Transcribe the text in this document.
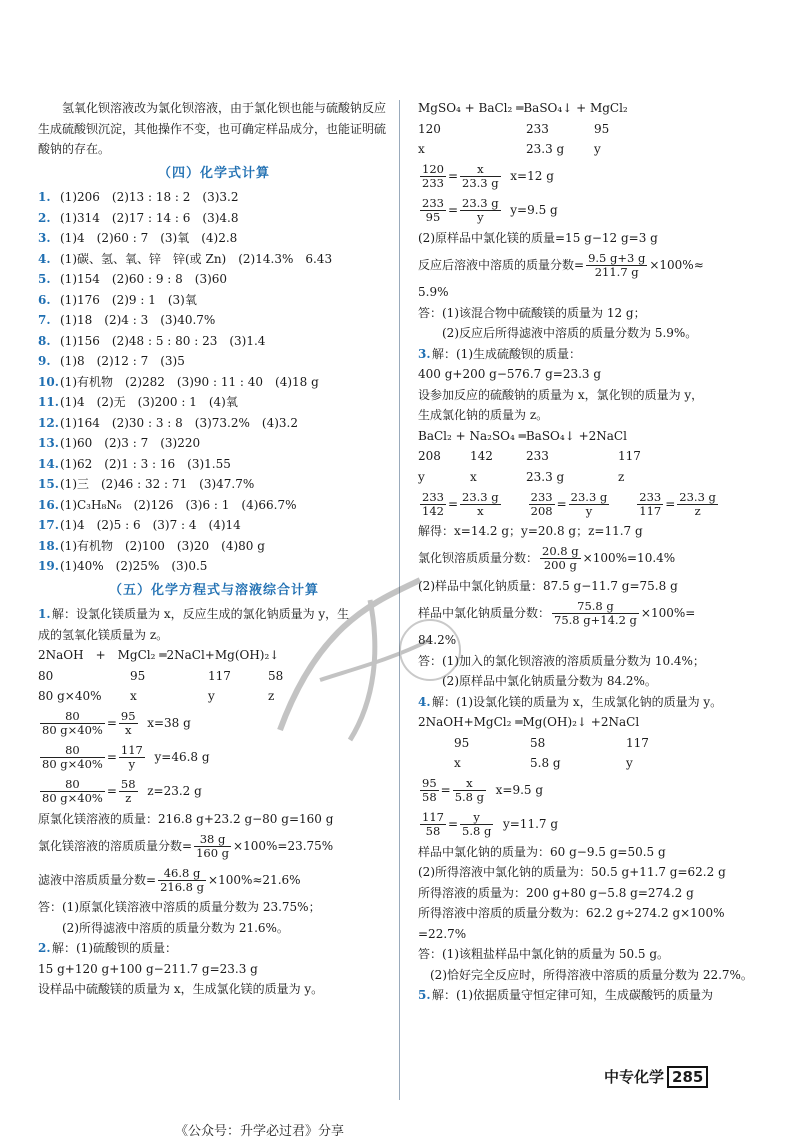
氢氧化钡溶液改为氯化钡溶液，由于氯化钡也能与硫酸钠反应生成硫酸钡沉淀，其他操作不变，也可确定样品成分，也能证明硫酸钠的存在。
（四）化学式计算
1. (1)206　(2)13 : 18 : 2　(3)3.2
2. (1)314　(2)17 : 14 : 6　(3)4.8
3. (1)4　(2)60 : 7　(3)氧　(4)2.8
4. (1)碳、氢、氧、锌　锌(或 Zn)　(2)14.3%　6.43
5. (1)154　(2)60 : 9 : 8　(3)60
6. (1)176　(2)9 : 1　(3)氧
7. (1)18　(2)4 : 3　(3)40.7%
8. (1)156　(2)48 : 5 : 80 : 23　(3)1.4
9. (1)8　(2)12 : 7　(3)5
10. (1)有机物　(2)282　(3)90 : 11 : 40　(4)18 g
11. (1)4　(2)无　(3)200 : 1　(4)氧
12. (1)164　(2)30 : 3 : 8　(3)73.2%　(4)3.2
13. (1)60　(2)3 : 7　(3)220
14. (1)62　(2)1 : 3 : 16　(3)1.55
15. (1)三　(2)46 : 32 : 71　(3)47.7%
16. (1)C₃H₈N₆　(2)126　(3)6 : 1　(4)66.7%
17. (1)4　(2)5 : 6　(3)7 : 4　(4)14
18. (1)有机物　(2)100　(3)20　(4)80 g
19. (1)40%　(2)25%　(3)0.5
（五）化学方程式与溶液综合计算
1. 解：设氯化镁质量为 x，反应生成的氯化钠质量为 y，生
成的氢氧化镁质量为 z。
2NaOH　+　MgCl₂ ═2NaCl+Mg(OH)₂↓
80	95	117	58
80 g×40%	x	y	z
$\frac{80}{80 g\times 40\%} = \frac{95}{x}$
x=38 g
$\frac{80}{80 g\times 40\%} = \frac{117}{y}$
y=46.8 g
$\frac{80}{80 g\times 40\%} = \frac{58}{z}$
z=23.2 g
原氯化镁溶液的质量：216.8 g+23.2 g−80 g=160 g
氯化镁溶液的溶质质量分数= $\frac{38 g}{160 g} \times 100\%=23.75\%$
滤液中溶质质量分数= $\frac{46.8 g}{216.8 g} \times 100\%\approx 21.6\%$
答：(1)原氯化镁溶液中溶质的质量分数为 23.75%；
(2)所得滤液中溶质的质量分数为 21.6%。
2. 解：(1)硫酸钡的质量：
15 g+120 g+100 g−211.7 g=23.3 g
设样品中硫酸镁的质量为 x，生成氯化镁的质量为 y。
MgSO₄ + BaCl₂ ═BaSO₄↓ + MgCl₂
120	233	95
x	23.3 g	y
$\frac{120}{233} = \frac{x}{23.3 g}$
x=12 g
$\frac{233}{95} = \frac{23.3 g}{y}$
y=9.5 g
(2)原样品中氯化镁的质量=15 g−12 g=3 g
反应后溶液中溶质的质量分数= $\frac{9.5 g+3 g}{211.7 g} \times 100\%\approx$
5.9%
答：(1)该混合物中硫酸镁的质量为 12 g；
(2)反应后所得滤液中溶质的质量分数为 5.9%。
3. 解：(1)生成硫酸钡的质量：
400 g+200 g−576.7 g=23.3 g
设参加反应的硫酸钠的质量为 x，氯化钡的质量为 y，
生成氯化钠的质量为 z。
BaCl₂ + Na₂SO₄ ═BaSO₄↓ +2NaCl
208	142	233	117
y	x	23.3 g	z
$\frac{233}{142} = \frac{23.3 g}{x} \frac{233}{208} = \frac{23.3 g}{y} \frac{233}{117} = \frac{23.3 g}{z}$
解得：x=14.2 g；y=20.8 g；z=11.7 g
氯化钡溶质质量分数： $\frac{20.8 g}{200 g} \times 100\%=10.4\%$
(2)样品中氯化钠质量：87.5 g−11.7 g=75.8 g
样品中氯化钠质量分数： $\frac{75.8 g}{75.8 g+14.2 g} \times 100\%=$
84.2%
答：(1)加入的氯化钡溶液的溶质质量分数为 10.4%；
(2)原样品中氯化钠质量分数为 84.2%。
4. 解：(1)设氯化镁的质量为 x，生成氯化钠的质量为 y。
2NaOH+MgCl₂ ═Mg(OH)₂↓ +2NaCl
95	58	117
x	5.8 g	y
$\frac{95}{58} = \frac{x}{5.8 g}$
x=9.5 g
$\frac{117}{58} = \frac{y}{5.8 g}$
y=11.7 g
样品中氯化钠的质量为：60 g−9.5 g=50.5 g
(2)所得溶液中氯化钠的质量为：50.5 g+11.7 g=62.2 g
所得溶液的质量为：200 g+80 g−5.8 g=274.2 g
所得溶液中溶质的质量分数为：62.2 g÷274.2 g×100%
=22.7%
答：(1)该粗盐样品中氯化钠的质量为 50.5 g。
(2)恰好完全反应时，所得溶液中溶质的质量分数为 22.7%。
5. 解：(1)依据质量守恒定律可知，生成碳酸钙的质量为
中专化学 285
《公众号：升学必过君》分享
